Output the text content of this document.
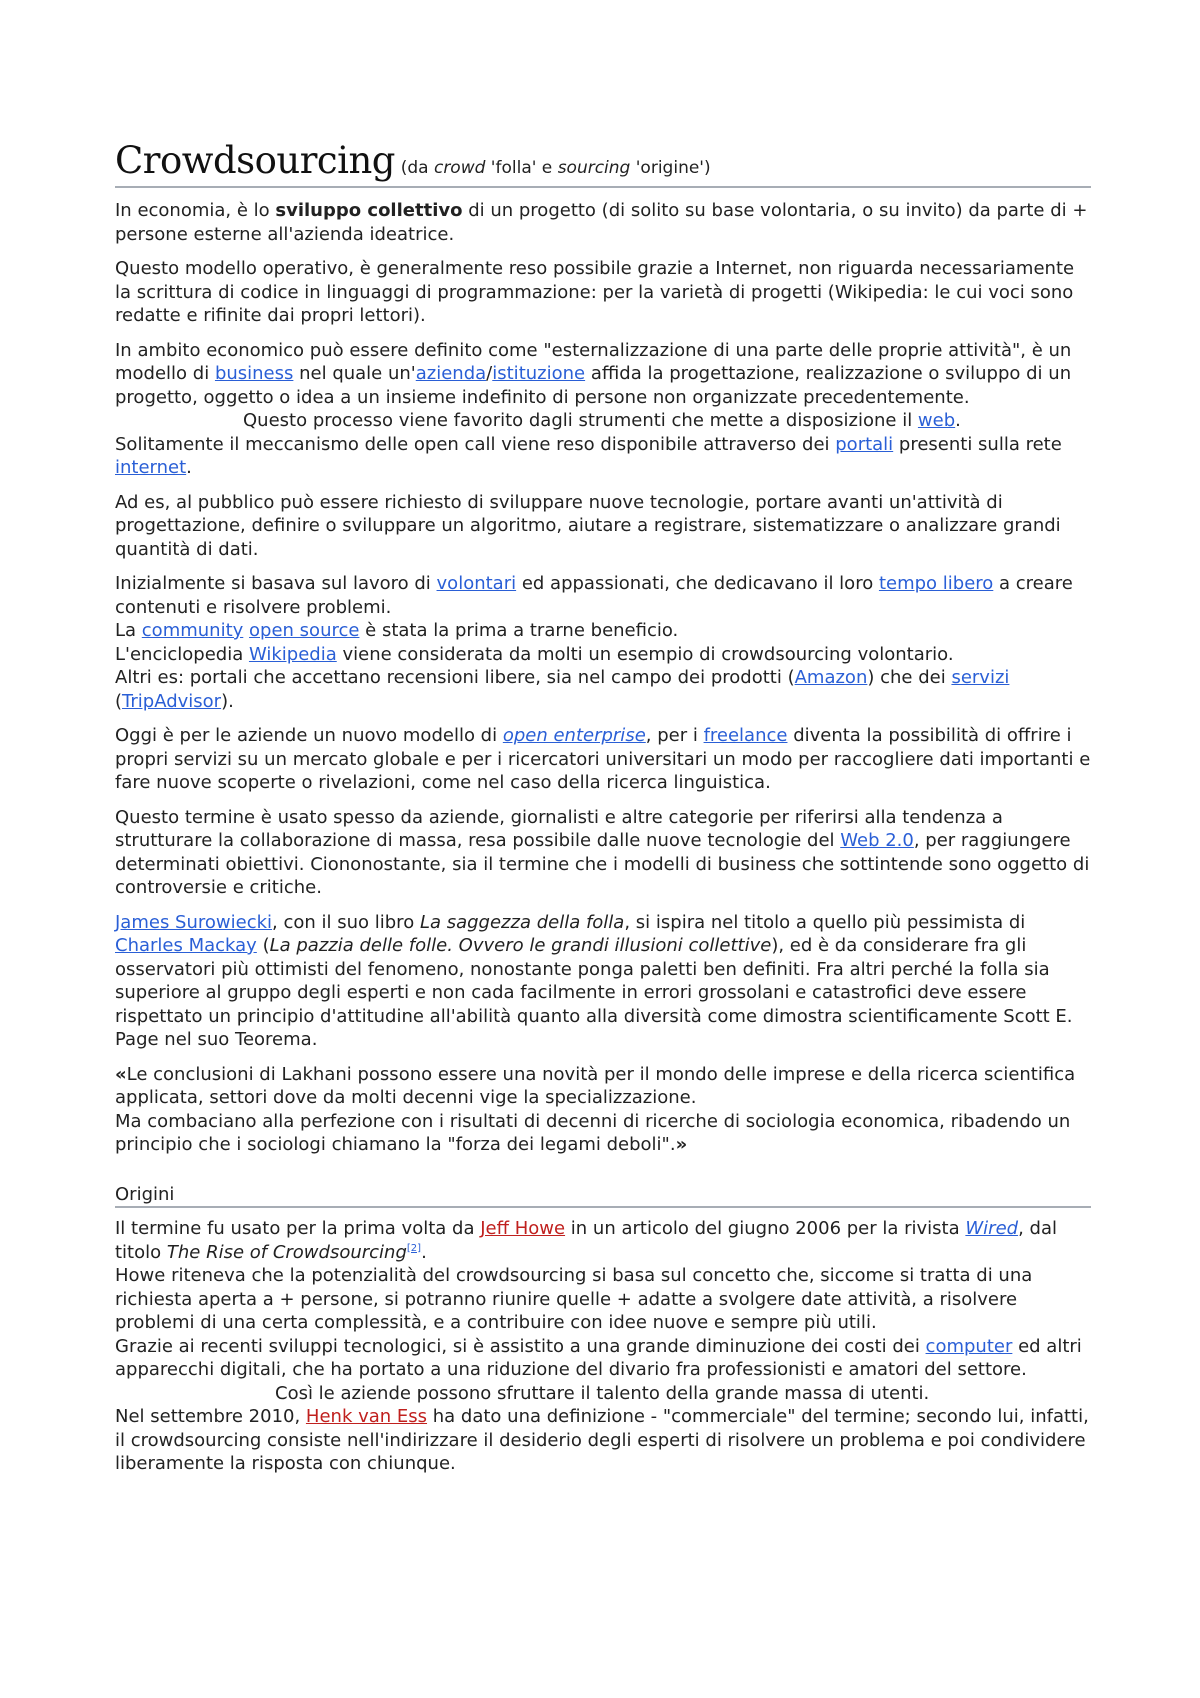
Crowdsourcing (da crowd 'folla' e sourcing 'origine')

In economia, è lo sviluppo collettivo di un progetto (di solito su base volontaria, o su invito) da parte di + persone esterne all'azienda ideatrice.

Questo modello operativo, è generalmente reso possibile grazie a Internet, non riguarda necessariamente la scrittura di codice in linguaggi di programmazione: per la varietà di progetti (Wikipedia: le cui voci sono redatte e rifinite dai propri lettori).

In ambito economico può essere definito come "esternalizzazione di una parte delle proprie attività", è un modello di business nel quale un'azienda/istituzione affida la progettazione, realizzazione o sviluppo di un progetto, oggetto o idea a un insieme indefinito di persone non organizzate precedentemente.Questo processo viene favorito dagli strumenti che mette a disposizione il web.
Solitamente il meccanismo delle open call viene reso disponibile attraverso dei portali presenti sulla rete internet.

Ad es, al pubblico può essere richiesto di sviluppare nuove tecnologie, portare avanti un'attività di progettazione, definire o sviluppare un algoritmo, aiutare a registrare, sistematizzare o analizzare grandi quantità di dati.

Inizialmente si basava sul lavoro di volontari ed appassionati, che dedicavano il loro tempo libero a creare contenuti e risolvere problemi.
La community open source è stata la prima a trarne beneficio.
L'enciclopedia Wikipedia viene considerata da molti un esempio di crowdsourcing volontario.
Altri es: portali che accettano recensioni libere, sia nel campo dei prodotti (Amazon) che dei servizi (TripAdvisor).

Oggi è per le aziende un nuovo modello di open enterprise, per i freelance diventa la possibilità di offrire i propri servizi su un mercato globale e per i ricercatori universitari un modo per raccogliere dati importanti e fare nuove scoperte o rivelazioni, come nel caso della ricerca linguistica.

Questo termine è usato spesso da aziende, giornalisti e altre categorie per riferirsi alla tendenza a strutturare la collaborazione di massa, resa possibile dalle nuove tecnologie del Web 2.0, per raggiungere determinati obiettivi. Ciononostante, sia il termine che i modelli di business che sottintende sono oggetto di controversie e critiche.

James Surowiecki, con il suo libro La saggezza della folla, si ispira nel titolo a quello più pessimista di Charles Mackay (La pazzia delle folle. Ovvero le grandi illusioni collettive), ed è da considerare fra gli osservatori più ottimisti del fenomeno, nonostante ponga paletti ben definiti. Fra altri perché la folla sia superiore al gruppo degli esperti e non cada facilmente in errori grossolani e catastrofici deve essere rispettato un principio d'attitudine all'abilità quanto alla diversità come dimostra scientificamente Scott E. Page nel suo Teorema.

«Le conclusioni di Lakhani possono essere una novità per il mondo delle imprese e della ricerca scientifica applicata, settori dove da molti decenni vige la specializzazione.
Ma combaciano alla perfezione con i risultati di decenni di ricerche di sociologia economica, ribadendo un principio che i sociologi chiamano la "forza dei legami deboli".»

Origini

Il termine fu usato per la prima volta da Jeff Howe in un articolo del giugno 2006 per la rivista Wired, dal titolo The Rise of Crowdsourcing[2].
Howe riteneva che la potenzialità del crowdsourcing si basa sul concetto che, siccome si tratta di una richiesta aperta a + persone, si potranno riunire quelle + adatte a svolgere date attività, a risolvere problemi di una certa complessità, e a contribuire con idee nuove e sempre più utili.
Grazie ai recenti sviluppi tecnologici, si è assistito a una grande diminuzione dei costi dei computer ed altri apparecchi digitali, che ha portato a una riduzione del divario fra professionisti e amatori del settore.Così le aziende possono sfruttare il talento della grande massa di utenti.
Nel settembre 2010, Henk van Ess ha dato una definizione - "commerciale" del termine; secondo lui, infatti, il crowdsourcing consiste nell'indirizzare il desiderio degli esperti di risolvere un problema e poi condividere liberamente la risposta con chiunque.
